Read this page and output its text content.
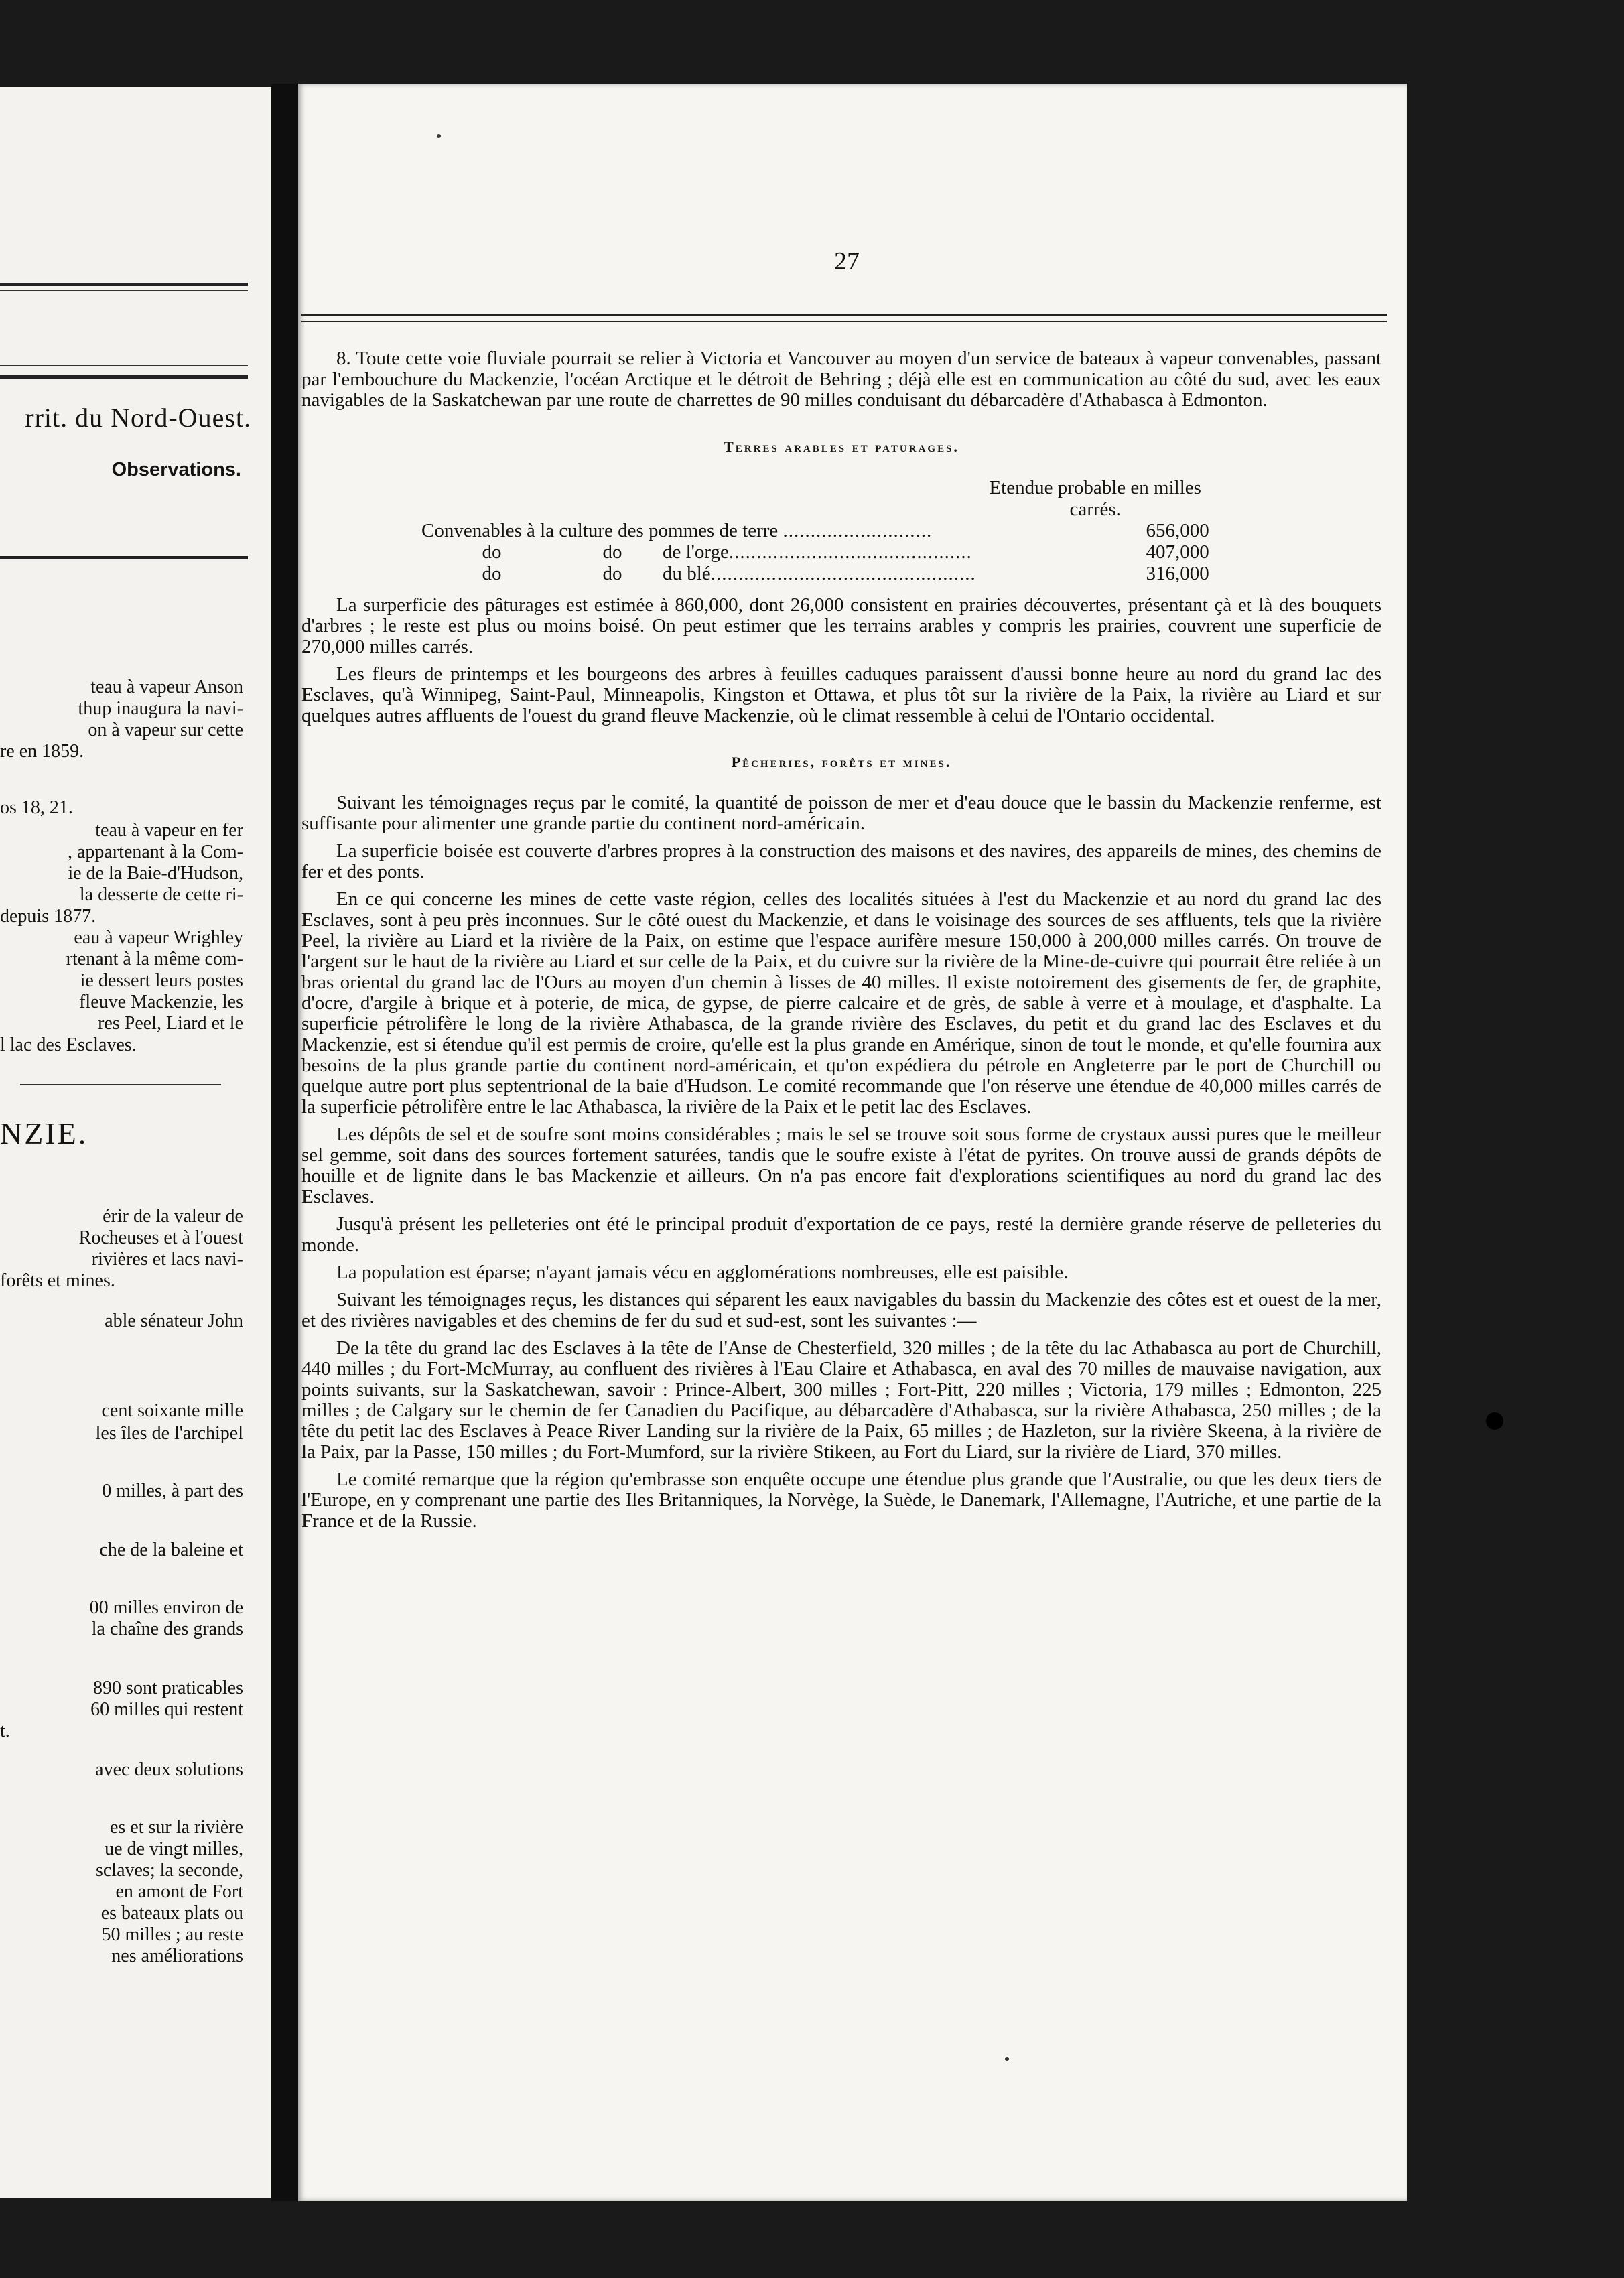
rrit. du Nord-Ouest.
Observations.
teau à vapeur Anson
thup inaugura la navi-
on à vapeur sur cette
re en 1859.
os 18, 21.
teau à vapeur en fer
, appartenant à la Com-
ie de la Baie-d'Hudson,
la desserte de cette ri-
depuis 1877.
eau à vapeur Wrighley
rtenant à la même com-
ie dessert leurs postes
fleuve Mackenzie, les
res Peel, Liard et le
l lac des Esclaves.
NZIE.
érir de la valeur de
Rocheuses et à l'ouest
rivières et lacs navi-
forêts et mines.
able sénateur John
cent soixante mille
les îles de l'archipel
0 milles, à part des
che de la baleine et
00 milles environ de
la chaîne des grands
890 sont praticables
60 milles qui restent
t.
avec deux solutions
es et sur la rivière
ue de vingt milles,
sclaves; la seconde,
en amont de Fort
es bateaux plats ou
50 milles ; au reste
nes améliorations
27

8. Toute cette voie fluviale pourrait se relier à Victoria et Vancouver au moyen d'un service de bateaux à vapeur convenables, passant par l'embouchure du Mackenzie, l'océan Arctique et le détroit de Behring ; déjà elle est en communication au côté du sud, avec les eaux navigables de la Saskatchewan par une route de charrettes de 90 milles conduisant du débarcadère d'Athabasca à Edmonton.

Terres arables et paturages.
	Etendue probable en milles carrés.
Convenables à la culture des pommes de terre ...........................	656,000
do do de l'orge............................................	407,000
do do du blé................................................	316,000

La surperficie des pâturages est estimée à 860,000, dont 26,000 consistent en prairies découvertes, présentant çà et là des bouquets d'arbres ; le reste est plus ou moins boisé. On peut estimer que les terrains arables y compris les prairies, couvrent une superficie de 270,000 milles carrés.

Les fleurs de printemps et les bourgeons des arbres à feuilles caduques paraissent d'aussi bonne heure au nord du grand lac des Esclaves, qu'à Winnipeg, Saint-Paul, Minneapolis, Kingston et Ottawa, et plus tôt sur la rivière de la Paix, la rivière au Liard et sur quelques autres affluents de l'ouest du grand fleuve Mackenzie, où le climat ressemble à celui de l'Ontario occidental.

Pêcheries, forêts et mines.

Suivant les témoignages reçus par le comité, la quantité de poisson de mer et d'eau douce que le bassin du Mackenzie renferme, est suffisante pour alimenter une grande partie du continent nord-américain.

La superficie boisée est couverte d'arbres propres à la construction des maisons et des navires, des appareils de mines, des chemins de fer et des ponts.

En ce qui concerne les mines de cette vaste région, celles des localités situées à l'est du Mackenzie et au nord du grand lac des Esclaves, sont à peu près inconnues. Sur le côté ouest du Mackenzie, et dans le voisinage des sources de ses affluents, tels que la rivière Peel, la rivière au Liard et la rivière de la Paix, on estime que l'espace aurifère mesure 150,000 à 200,000 milles carrés. On trouve de l'argent sur le haut de la rivière au Liard et sur celle de la Paix, et du cuivre sur la rivière de la Mine-de-cuivre qui pourrait être reliée à un bras oriental du grand lac de l'Ours au moyen d'un chemin à lisses de 40 milles. Il existe notoirement des gisements de fer, de graphite, d'ocre, d'argile à brique et à poterie, de mica, de gypse, de pierre calcaire et de grès, de sable à verre et à moulage, et d'asphalte. La superficie pétrolifère le long de la rivière Athabasca, de la grande rivière des Esclaves, du petit et du grand lac des Esclaves et du Mackenzie, est si étendue qu'il est permis de croire, qu'elle est la plus grande en Amérique, sinon de tout le monde, et qu'elle fournira aux besoins de la plus grande partie du continent nord-américain, et qu'on expédiera du pétrole en Angleterre par le port de Churchill ou quelque autre port plus septentrional de la baie d'Hudson. Le comité recommande que l'on réserve une étendue de 40,000 milles carrés de la superficie pétrolifère entre le lac Athabasca, la rivière de la Paix et le petit lac des Esclaves.

Les dépôts de sel et de soufre sont moins considérables ; mais le sel se trouve soit sous forme de crystaux aussi pures que le meilleur sel gemme, soit dans des sources fortement saturées, tandis que le soufre existe à l'état de pyrites. On trouve aussi de grands dépôts de houille et de lignite dans le bas Mackenzie et ailleurs. On n'a pas encore fait d'explorations scientifiques au nord du grand lac des Esclaves.

Jusqu'à présent les pelleteries ont été le principal produit d'exportation de ce pays, resté la dernière grande réserve de pelleteries du monde.

La population est éparse; n'ayant jamais vécu en agglomérations nombreuses, elle est paisible.

Suivant les témoignages reçus, les distances qui séparent les eaux navigables du bassin du Mackenzie des côtes est et ouest de la mer, et des rivières navigables et des chemins de fer du sud et sud-est, sont les suivantes :—

De la tête du grand lac des Esclaves à la tête de l'Anse de Chesterfield, 320 milles ; de la tête du lac Athabasca au port de Churchill, 440 milles ; du Fort-McMurray, au confluent des rivières à l'Eau Claire et Athabasca, en aval des 70 milles de mauvaise navigation, aux points suivants, sur la Saskatchewan, savoir : Prince-Albert, 300 milles ; Fort-Pitt, 220 milles ; Victoria, 179 milles ; Edmonton, 225 milles ; de Calgary sur le chemin de fer Canadien du Pacifique, au débarcadère d'Athabasca, sur la rivière Athabasca, 250 milles ; de la tête du petit lac des Esclaves à Peace River Landing sur la rivière de la Paix, 65 milles ; de Hazleton, sur la rivière Skeena, à la rivière de la Paix, par la Passe, 150 milles ; du Fort-Mumford, sur la rivière Stikeen, au Fort du Liard, sur la rivière de Liard, 370 milles.

Le comité remarque que la région qu'embrasse son enquête occupe une étendue plus grande que l'Australie, ou que les deux tiers de l'Europe, en y comprenant une partie des Iles Britanniques, la Norvège, la Suède, le Danemark, l'Allemagne, l'Autriche, et une partie de la France et de la Russie.
